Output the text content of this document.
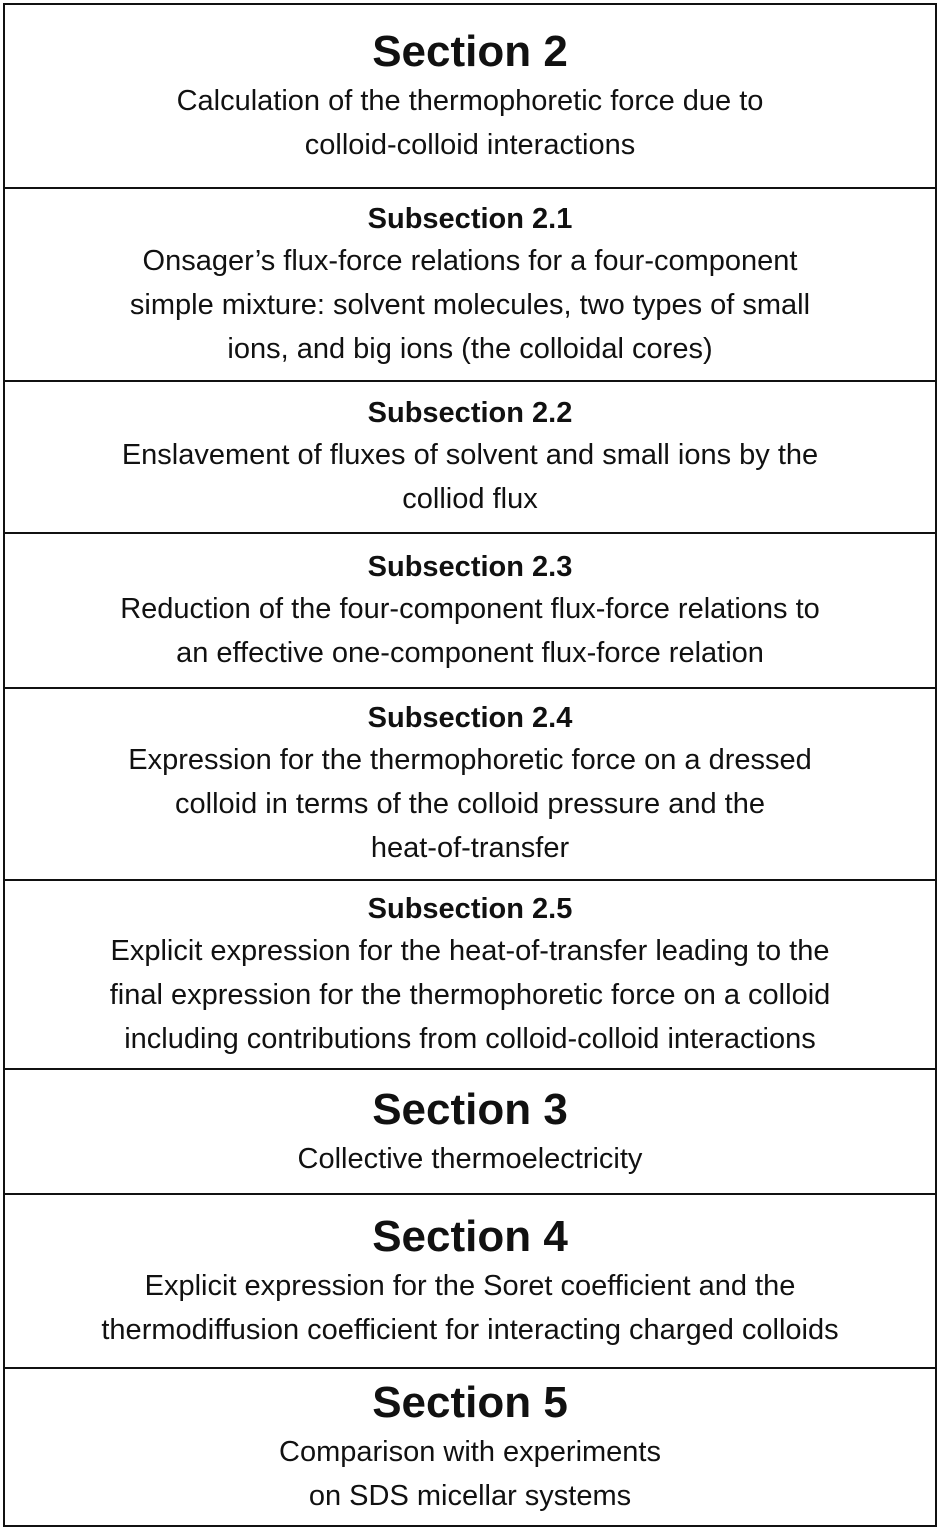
Section 2
Calculation of the thermophoretic force due to
colloid-colloid interactions
Subsection 2.1
Onsager’s flux-force relations for a four-component
simple mixture: solvent molecules, two types of small
ions, and big ions (the colloidal cores)
Subsection 2.2
Enslavement of fluxes of solvent and small ions by the
colliod flux
Subsection 2.3
Reduction of the four-component flux-force relations to
an effective one-component flux-force relation
Subsection 2.4
Expression for the thermophoretic force on a dressed
colloid in terms of the colloid pressure and the
heat-of-transfer
Subsection 2.5
Explicit expression for the heat-of-transfer leading to the
final expression for the thermophoretic force on a colloid
including contributions from colloid-colloid interactions
Section 3
Collective thermoelectricity
Section 4
Explicit expression for the Soret coefficient and the
thermodiffusion coefficient for interacting charged colloids
Section 5
Comparison with experiments
on SDS micellar systems
